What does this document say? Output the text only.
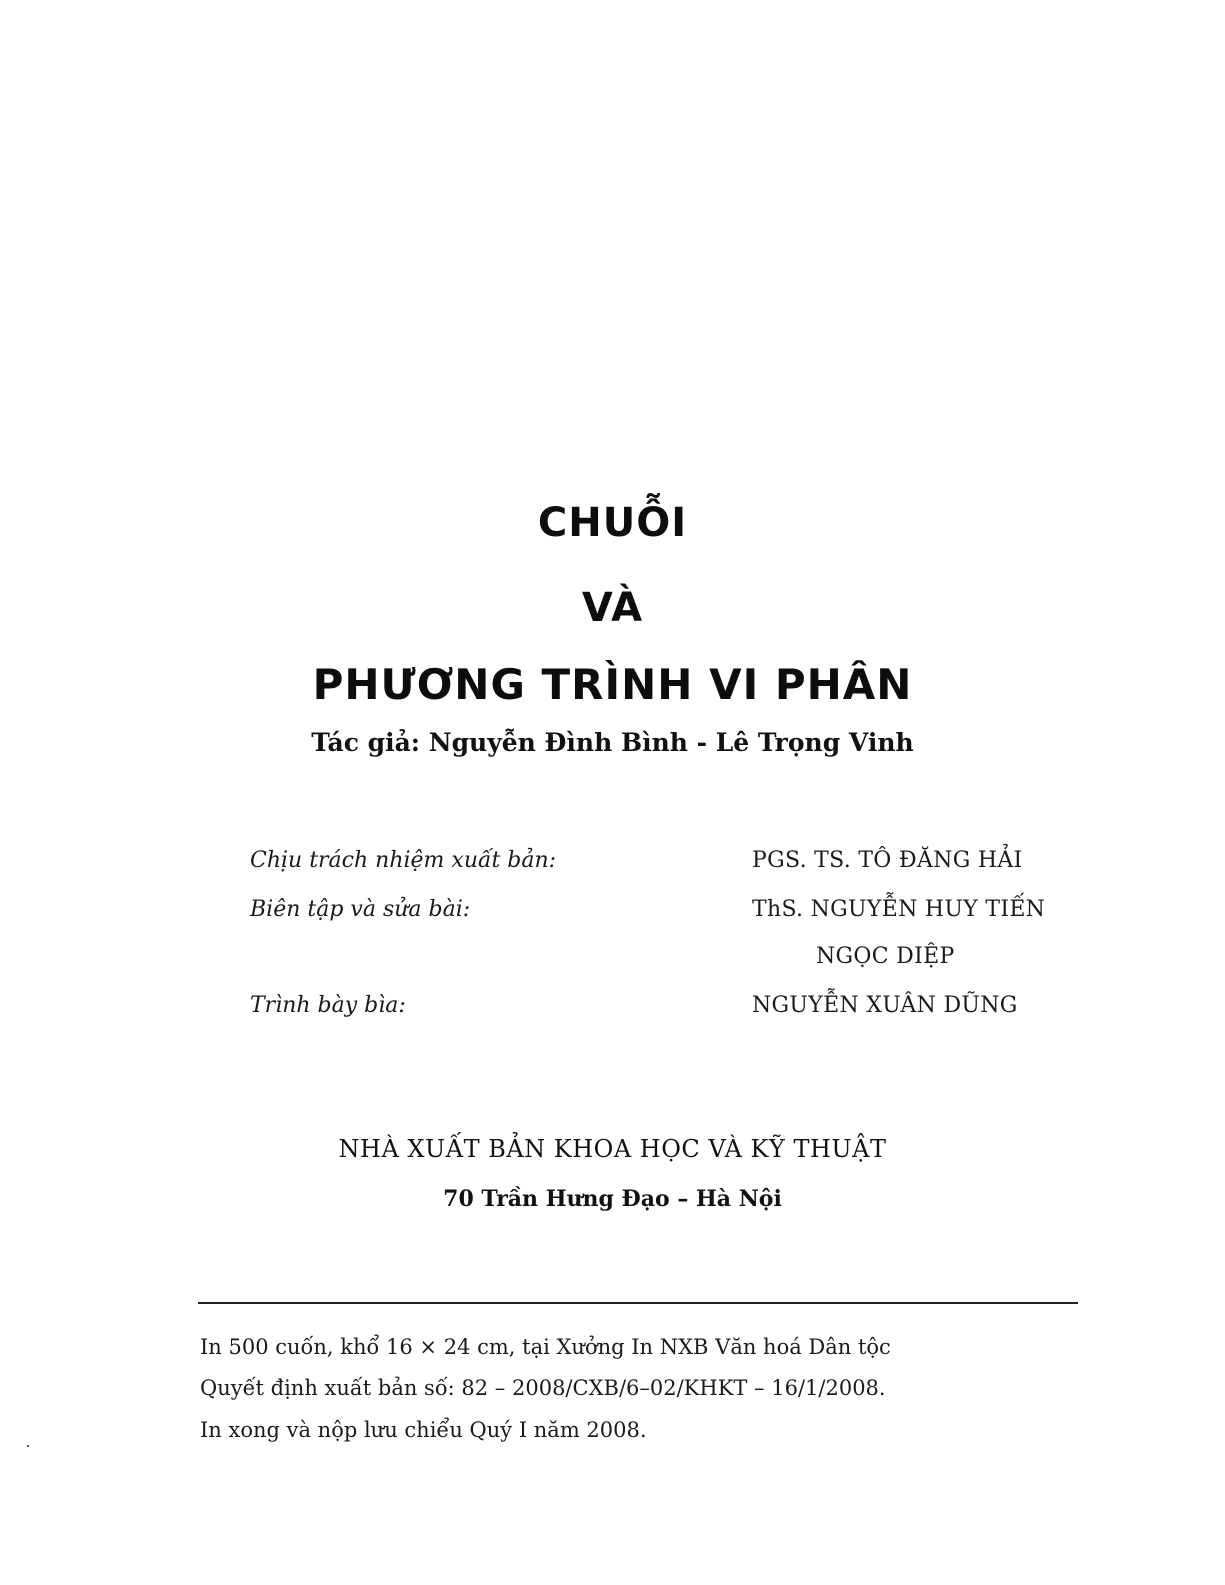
CHUỖI
VÀ
PHƯƠNG TRÌNH VI PHÂN
Tác giả: Nguyễn Đình Bình - Lê Trọng Vinh
Chịu trách nhiệm xuất bản:	PGS. TS. TÔ ĐĂNG HẢI
Biên tập và sửa bài:	ThS. NGUYỄN HUY TIẾN
NGỌC DIỆP
Trình bày bìa:	NGUYỄN XUÂN DŨNG
NHÀ XUẤT BẢN KHOA HỌC VÀ KỸ THUẬT
70 Trần Hưng Đạo – Hà Nội
In 500 cuốn, khổ 16 × 24 cm, tại Xưởng In NXB Văn hoá Dân tộc
Quyết định xuất bản số: 82 – 2008/CXB/6–02/KHKT – 16/1/2008.
In xong và nộp lưu chiểu Quý I năm 2008.
